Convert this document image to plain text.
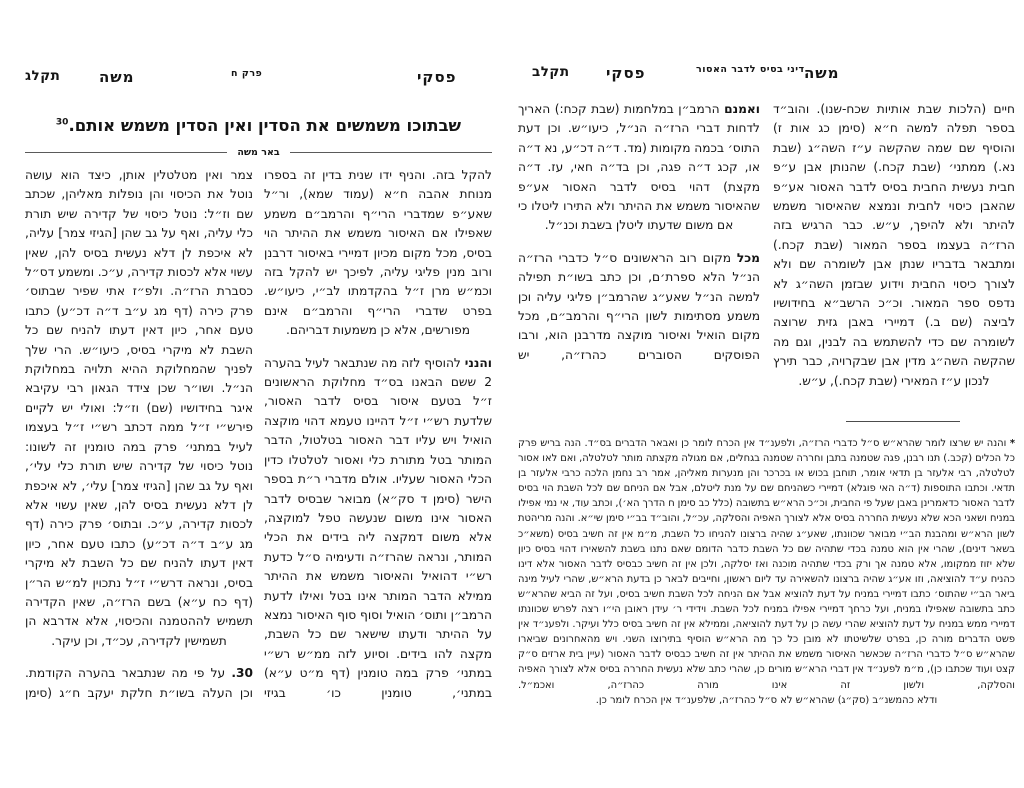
תקלג	משה	פרק ח	פסקי
שבתוכו משמשים את הסדין ואין הסדין משמש אותם.$^{30}$
באר משה

להקל בזה. והניף ידו שנית בדין זה בספרו מנוחת אהבה ח״א (עמוד שמא), ור״ל שאע״פ שמדברי הרי״ף והרמב״ם משמע שאפילו אם האיסור משמש את ההיתר הוי בסיס, מכל מקום מכיון דמיירי באיסור דרבנן ורוב מנין פליגי עליה, לפיכך יש להקל בזה וכמ״ש מרן ז״ל בהקדמתו לב״י, כיעו״ש. בפרט שדברי הרי״ף והרמב״ם אינם מפורשים, אלא כן משמעות דבריהם.

והנני להוסיף לזה מה שנתבאר לעיל בהערה 2 ששם הבאנו בס״ד מחלוקת הראשונים ז״ל בטעם איסור בסיס לדבר האסור, שלדעת רש״י ז״ל דהיינו טעמא דהוי מוקצה הואיל ויש עליו דבר האסור בטלטול, הדבר המותר בטל מתורת כלי ואסור לטלטלו כדין הכלי האסור שעליו. אולם מדברי ר״ת בספר הישר (סימן ד סק״א) מבואר שבסיס לדבר האסור אינו משום שנעשה טפל למוקצה, אלא משום דמקצה ליה בידים את הכלי המותר, ונראה שהרז״ה ודעימיה ס״ל כדעת רש״י דהואיל והאיסור משמש את ההיתר ממילא הדבר המותר אינו בטל ואילו לדעת הרמב״ן ותוס׳ הואיל וסוף סוף האיסור נמצא על ההיתר ודעתו שישאר שם כל השבת, מקצה להו בידים. וסיוע לזה ממ״ש רש״י במתני׳ פרק במה טומנין (דף מ״ט ע״א) במתני׳, טומנין כו׳ בגיזי

צמר ואין מטלטלין אותן, כיצד הוא עושה נוטל את הכיסוי והן נופלות מאליהן, שכתב שם וז״ל: נוטל כיסוי של קדירה שיש תורת כלי עליה, ואף על גב שהן [הגיזי צמר] עליה, לא איכפת לן דלא נעשית בסיס להן, שאין עשוי אלא לכסות קדירה, ע״כ. ומשמע דס״ל כסברת הרז״ה. ולפ״ז אתי שפיר שבתוס׳ פרק כירה (דף מג ע״ב ד״ה דכ״ע) כתבו טעם אחר, כיון דאין דעתו להניח שם כל השבת לא מיקרי בסיס, כיעו״ש. הרי שלך לפניך שהמחלוקת ההיא תלויה במחלוקת הנ״ל. ושו״ר שכן צידד הגאון רבי עקיבא איגר בחידושיו (שם) וז״ל: ואולי יש לקיים פירש״י ז״ל ממה דכתב רש״י ז״ל בעצמו לעיל במתני׳ פרק במה טומנין זה לשונו: נוטל כיסוי של קדירה שיש תורת כלי עלי׳, ואף על גב שהן [הגיזי צמר] עלי׳, לא איכפת לן דלא נעשית בסיס להן, שאין עשוי אלא לכסות קדירה, ע״כ. ובתוס׳ פרק כירה (דף מג ע״ב ד״ה דכ״ע) כתבו טעם אחר, כיון דאין דעתו להניח שם כל השבת לא מיקרי בסיס, ונראה דרש״י ז״ל נתכוין למ״ש הר״ן (דף כח ע״א) בשם הרז״ה, שאין הקדירה תשמיש לההטמנה והכיסוי, אלא אדרבא הן תשמישין לקדירה, עכ״ד, וכן עיקר.

30. על פי מה שנתבאר בהערה הקודמת. וכן העלה בשו״ת חלקת יעקב ח״ג (סימן

תקלב פסקי	דיני בסיס לדבר האסור משה

חיים (הלכות שבת אותיות שכח-שנו). והוב״ד בספר תפלה למשה ח״א (סימן כג אות ז) והוסיף שם שמה שהקשה ע״ז השה״ג (שבת נא.) ממתני׳ (שבת קכח.) שהנותן אבן ע״פ חבית נעשית החבית בסיס לדבר האסור אע״פ שהאבן כיסוי לחבית ונמצא שהאיסור משמש להיתר ולא להיפך, ע״ש. כבר הרגיש בזה הרז״ה בעצמו בספר המאור (שבת קכח.) ומתבאר בדבריו שנתן אבן לשומרה שם ולא לצורך כיסוי החבית וידוע שבזמן השה״ג לא נדפס ספר המאור. וכ״כ הרשב״א בחידושיו לביצה (שם ב.) דמיירי באבן גזית שרוצה לשומרה שם כדי להשתמש בה לבנין, וגם מה שהקשה השה״ג מדין אבן שבקרויה, כבר תירץ לנכון ע״ז המאירי (שבת קכח.), ע״ש.

ואמנם הרמב״ן במלחמות (שבת קכח:) האריך לדחות דברי הרז״ה הנ״ל, כיעו״ש. וכן דעת התוס׳ בכמה מקומות (מד. ד״ה דכ״ע, נא ד״ה או, קכג ד״ה פגה, וכן בד״ה חאי, עז. ד״ה מקצת) דהוי בסיס לדבר האסור אע״פ שהאיסור משמש את ההיתר ולא התירו ליטלו כי אם משום שדעתו ליטלן בשבת וכנ״ל.

מכל מקום רוב הראשונים ס״ל כדברי הרז״ה הנ״ל הלא ספרת׳ם, וכן כתב בשו״ת תפילה למשה הנ״ל שאע״ג שהרמב״ן פליגי עליה וכן משמע מסתימות לשון הרי״ף והרמב״ם, מכל מקום הואיל ואיסור מוקצה מדרבנן הוא, ורבו הפוסקים הסוברים כהרז״ה, יש

* והנה יש שרצו לומר שהרא״ש ס״ל כדברי הרז״ה, ולפענ״ד אין הכרח לומר כן ואבאר הדברים בס״ד. הנה בריש פרק כל הכלים (קכב.) תנו רבנן, פגה שטמנה בתבן וחררה שטמנה בגחלים, אם מגולה מקצתה מותר לטלטלה, ואם לאו אסור לטלטלה, רבי אלעזר בן תדאי אומר, תוחבן בכוש או בכרכר והן מנערות מאליהן, אמר רב נחמן הלכה כרבי אלעזר בן תדאי. וכתבו התוספות (ד״ה האי פוגלא) דמיירי כשהניחם שם על מנת ליטלם, אבל אם הניחם שם לכל השבת הוי בסיס לדבר האסור כדאמרינן באבן שעל פי החבית, וכ״כ הרא״ש בתשובה (כלל כב סימן ח הדרך הא׳), וכתב עוד, אי נמי אפילו במניח ושאני הכא שלא נעשית החררה בסיס אלא לצורך האפיה והסלקה, עכ״ל, והוב״ד בב״י סימן שי״א. והנה מריהטת לשון הרא״ש ומהבנת הב״י מבואר שכוונתו, שאע״ג שהיה ברצונו להניחו כל השבת, מ״מ אין זה חשיב בסיס (משא״כ בשאר דינים), שהרי אין הוא טמנה בכדי שתהיה שם כל השבת כדבר הדומם שאם נתנו בשבת להשאירו דהוי בסיס כיון שלא יזוז ממקומו, אלא טמנה אך ורק בכדי שתהיה מוכנה ואז יסלקה, ולכן אין זה חשיב כבסיס לדבר האסור אלא דינו כהניח ע״ד להוציאה, וזו אע״ג שהיה ברצונו להשאירה עד ליום ראשון, וחייבים לבאר כן בדעת הרא״ש, שהרי לעיל מינה ביאר הב״י שהתוס׳ כתבו דמיירי במניח על דעת להוציא אבל אם הניחה לכל השבת חשיב בסיס, ועל זה הביא שהרא״ש כתב בתשובה שאפילו במניח, ועל כרחך דמיירי אפילו במניח לכל השבת. וידידי ר׳ עידן ראובן הי״ו רצה לפרש שכוונתו דמיירי ממש במניח על דעת להוציא שהרי עשה כן על דעת להוציאה, וממילא אין זה חשיב בסיס כלל ועיקר. ולפענ״ד אין פשט הדברים מורה כן, בפרט שלשיטתו לא מובן כל כך מה הרא״ש הוסיף בתירוצו השני. ויש מהאחרונים שביארו שהרא״ש ס״ל כדברי הרז״ה שכאשר האיסור משמש את ההיתר אין זה חשיב כבסיס לדבר האסור (עיין בית ארזים ס״ק קצט ועוד שכתבו כן), מ״מ לפענ״ד אין דברי הרא״ש מורים כן, שהרי כתב שלא נעשית החררה בסיס אלא לצורך האפיה והסלקה, ולשון זה אינו מורה כהרז״ה, ואכמ״ל.

ודלא כהמשנ״ב (סק״ג) שהרא״ש לא ס״ל כהרז״ה, שלפענ״ד אין הכרח לומר כן.
